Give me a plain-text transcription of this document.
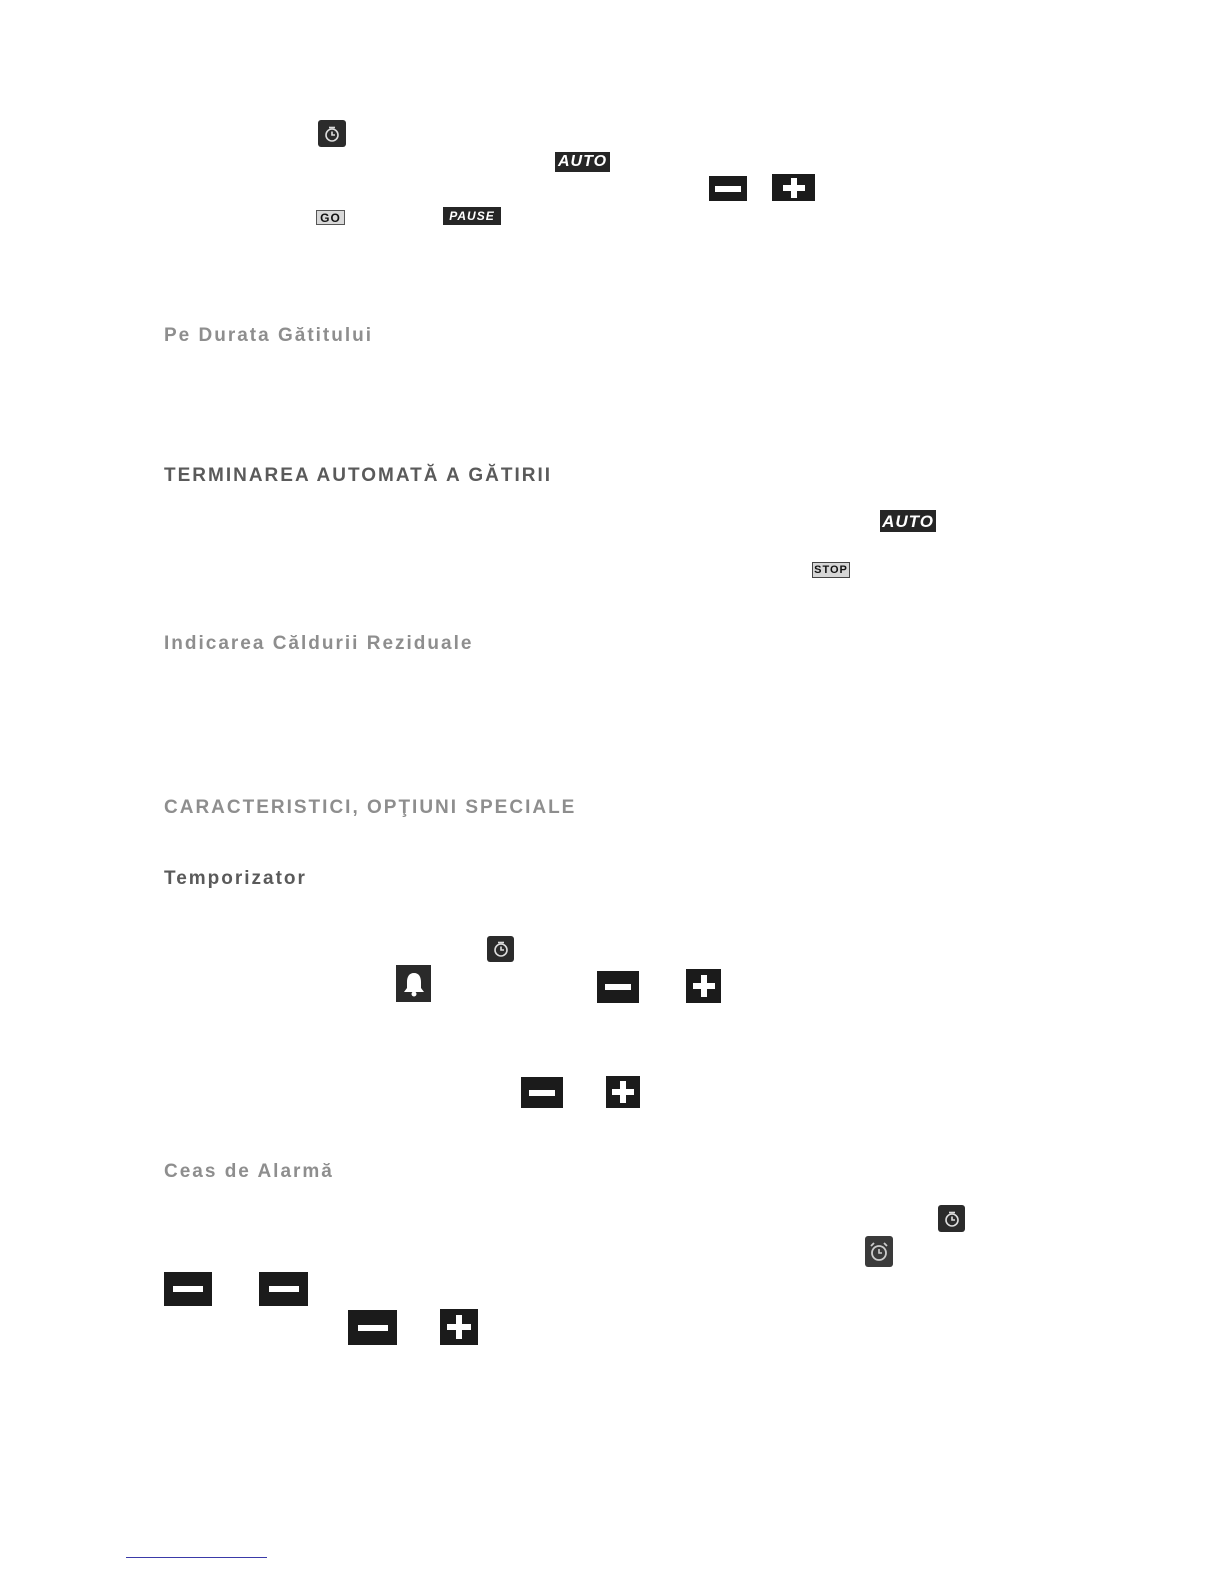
AUTO
GO	PAUSE
Pe Durata Gătitului
TERMINAREA AUTOMATĂ A GĂTIRII
AUTO
STOP
Indicarea Căldurii Reziduale
CARACTERISTICI, OPŢIUNI SPECIALE
Temporizator
Ceas de Alarmă
